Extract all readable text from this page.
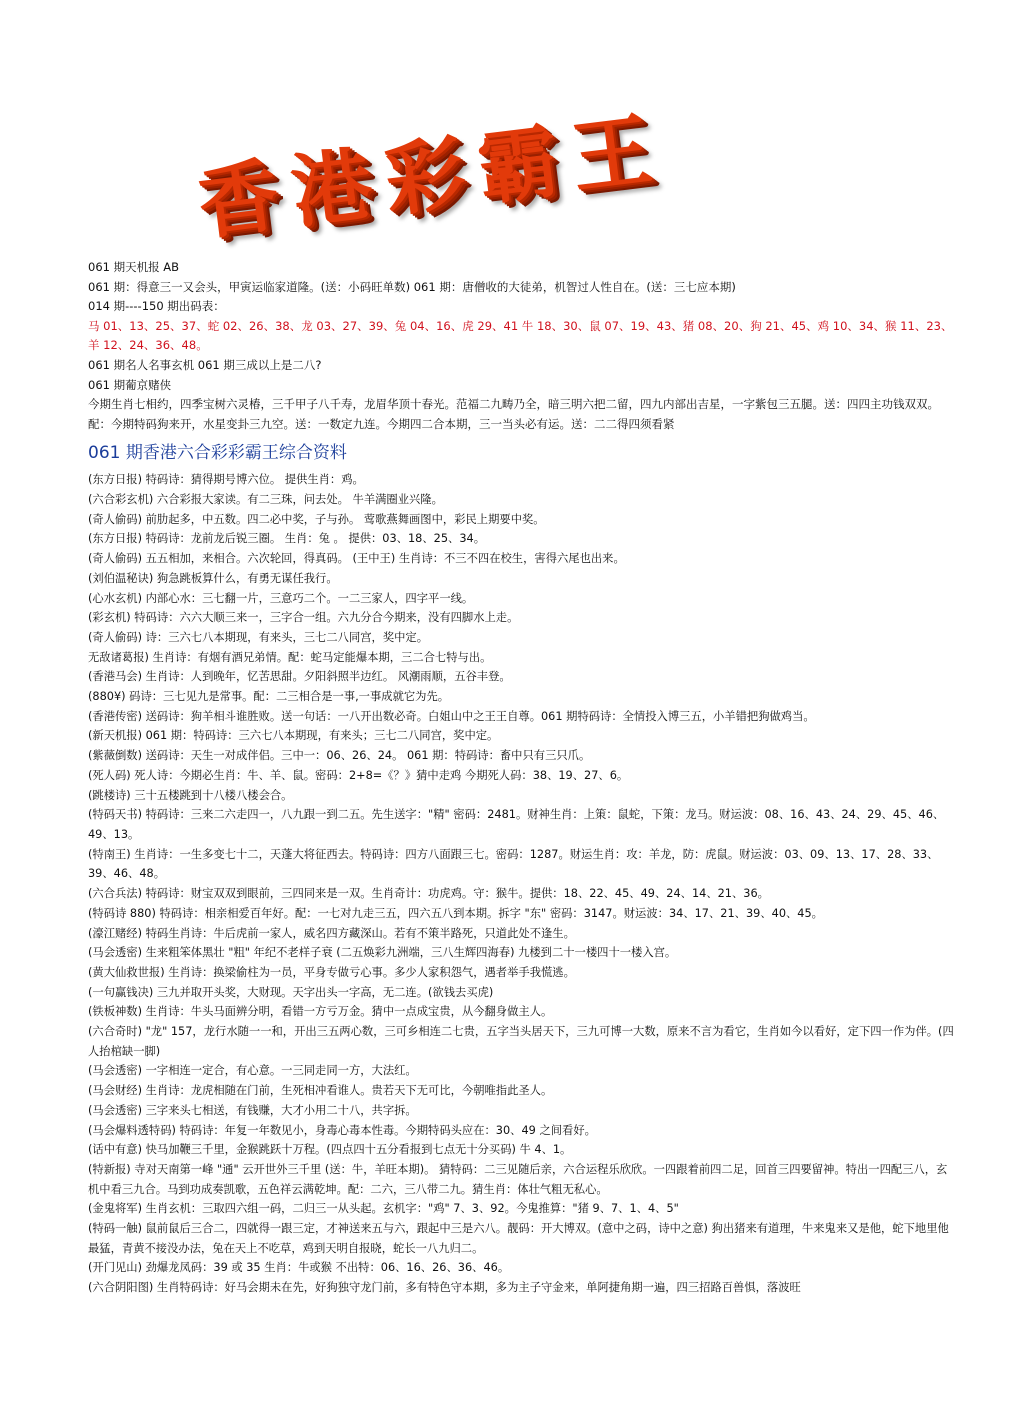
香港彩霸王
061 期天机报 AB
061 期：得意三一又会头，甲寅运临家道隆。(送：小码旺单数) 061 期：唐僧收的大徒弟，机智过人性自在。(送：三七应本期)
014 期----150 期出码表：
马 01、13、25、37、蛇 02、26、38、龙 03、27、39、兔 04、16、虎 29、41 牛 18、30、鼠 07、19、43、猪 08、20、狗 21、45、鸡 10、34、猴 11、23、羊 12、24、36、48。
061 期名人名事玄机 061 期三成以上是二八?
061 期葡京赌侠
今期生肖七相约，四季宝树六灵椿，三千甲子八千寿，龙眉华顶十春光。范福二九畴乃全，暗三明六把二留，四九内部出吉星，一字紫包三五腿。送：四四主功钱双双。配：今期特码狗来开，水星变卦三九空。送：一数定九连。今期四二合本期，三一当头必有运。送：二二得四须看紧
061 期香港六合彩彩霸王综合资料
(东方日报) 特码诗：猜得期号博六位。 提供生肖：鸡。
(六合彩玄机) 六合彩报大家读。有二三珠，问去处。 牛羊满圈业兴隆。
(奇人偷码) 前肋起多，中五数。四二必中奖，子与孙。 莺歌燕舞画图中，彩民上期要中奖。
(东方日报) 特码诗：龙前龙后锐三圈。 生肖：兔 。 提供：03、18、25、34。
(奇人偷码) 五五相加，来相合。六次轮回，得真码。 (王中王) 生肖诗：不三不四在校生，害得六尾也出来。
(刘伯温秘诀) 狗急跳板算什么，有勇无谋任我行。
(心水玄机) 内部心水：三七翻一片，三意巧二个。一二三家人，四字平一线。
(彩玄机) 特码诗：六六大顺三来一，三字合一组。六九分合今期来，没有四脚水上走。
(奇人偷码) 诗：三六七八本期现，有来头，三七二八同宫，奖中定。
无敌诸葛报) 生肖诗：有烟有酒兄弟情。配：蛇马定能爆本期，三二合七特与出。
(香港马会) 生肖诗：人到晚年，忆苦思甜。夕阳斜照半边红。 风潮雨顺，五谷丰登。
(880¥) 码诗：三七见九是常事。配：二三相合是一事,一事成就它为先。
(香港传密) 送码诗：狗羊相斗谁胜败。送一句话：一八开出数必奇。白姐山中之王王自尊。061 期特码诗：全情投入博三五，小羊错把狗做鸡当。
(新天机报) 061 期：特码诗：三六七八本期现，有来头；三七二八同宫，奖中定。
(紫薇倒数) 送码诗：天生一对成伴侣。三中一：06、26、24。 061 期：特码诗：畜中只有三只爪。
(死人码) 死人诗：今期必生肖：牛、羊、鼠。密码：2+8=《？》猜中走鸡 今期死人码：38、19、27、6。
(跳楼诗) 三十五楼跳到十八楼八楼会合。
(特码天书) 特码诗：三来二六走四一，八九跟一到二五。先生送字："精" 密码：2481。财神生肖：上策：鼠蛇，下策：龙马。财运波：08、16、43、24、29、45、46、49、13。
(特南王) 生肖诗：一生多变七十二，天蓬大将征西去。特码诗：四方八面跟三七。密码：1287。财运生肖：攻：羊龙，防：虎鼠。财运波：03、09、13、17、28、33、39、46、48。
(六合兵法) 特码诗：财宝双双到眼前，三四同来是一双。生肖奇计：功虎鸡。守：猴牛。提供：18、22、45、49、24、14、21、36。
(特码诗 880) 特码诗：相亲相爱百年好。配：一七对九走三五，四六五八到本期。拆字 "东" 密码：3147。财运波：34、17、21、39、40、45。
(濠江赌经) 特码生肖诗：牛后虎前一家人，威名四方藏深山。若有不策半路死，只道此处不逢生。
(马会透密) 生来粗笨体黑壮 "粗" 年纪不老样子衰 (二五焕彩九洲端，三八生辉四海春) 九楼到二十一楼四十一楼入宫。
(黄大仙救世报) 生肖诗：换梁偷柱为一员，平身专做亏心事。多少人家积怨气，遇者举手我慌逃。
(一句赢钱决) 三九并取开头奖，大财现。天字出头一字高，无二连。(欲钱去买虎)
(铁板神数) 生肖诗：牛头马面辨分明，看错一方亏万金。猜中一点成宝贵，从今翻身做主人。
(六合奇时) "龙" 157，龙行水随一一和，开出三五两心数，三可乡相连二七贵，五字当头居天下，三九可博一大数，原来不言为看它，生肖如今以看好，定下四一作为伴。(四人抬棺缺一脚)
(马会透密) 一字相连一定合，有心意。一三同走同一方，大法红。
(马会财经) 生肖诗：龙虎相随在门前，生死相冲看谁人。贵若天下无可比，今朝唯指此圣人。
(马会透密) 三字来头七相送，有钱赚，大才小用二十八，共字拆。
(马会爆料透特码) 特码诗：年复一年数见小，身毒心毒本性毒。今期特码头应在：30、49 之间看好。
(话中有意) 快马加鞭三千里，金猴跳跃十万程。(四点四十五分看报到七点无十分买码) 牛 4、1。
(特新报) 寺对天南第一峰 "通" 云开世外三千里 (送：牛，羊旺本期)。 猜特码：二三见随后亲，六合运程乐欣欣。一四跟着前四二足，回首三四要留神。特出一四配三八，玄机中看三九合。马到功成奏凯歌，五色祥云满乾坤。配：二六，三八带二九。猜生肖：体壮气粗无私心。
(金鬼将军) 生肖玄机：三取四六组一码，二归三一从头起。玄机字："鸡" 7、3、92。今鬼推算："猪 9、7、1、4、5"
(特码一触) 鼠前鼠后三合二，四就得一跟三定，才神送来五与六，跟起中三是六八。靓码：开大博双。(意中之码，诗中之意) 狗出猪来有道理，牛来鬼来又是他，蛇下地里他最猛，青黄不接没办法，兔在天上不吃草，鸡到天明自报晓，蛇长一八九归二。
(开门见山) 劲爆龙凤码：39 或 35 生肖：牛或猴 不出特：06、16、26、36、46。
(六合阴阳图) 生肖特码诗：好马会期未在先，好狗独守龙门前，多有特色守本期，多为主子守金来，单阿捷角期一遍，四三招路百兽惧，落波旺
